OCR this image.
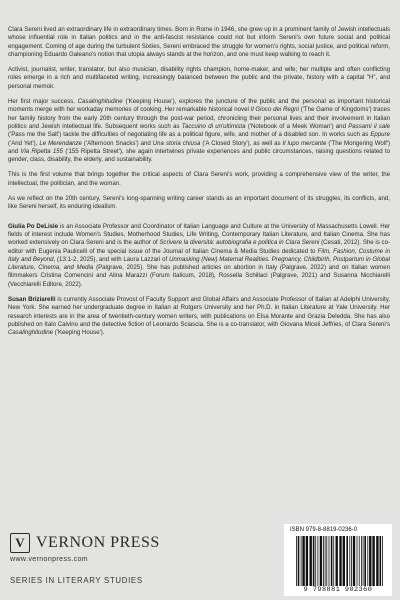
Clara Sereni lived an extraordinary life in extraordinary times. Born in Rome in 1946, she grew up in a prominent family of Jewish intellectuals whose influential role in Italian politics and in the anti-fascist resistance could not but inform Sereni's own future social and political engagement. Coming of age during the turbulent Sixties, Sereni embraced the struggle for women's rights, social justice, and political reform, championing Eduardo Galeano's notion that utopia always stands at the horizon, and one must keep walking to reach it.

Activist, journalist, writer, translator, but also musician, disability rights champion, home-maker, and wife; her multiple and often conflicting roles emerge in a rich and multifaceted writing, increasingly balanced between the public and the private, history with a capital "H", and personal memoir.

Her first major success, Casalinghitudine ('Keeping House'), explores the juncture of the public and the personal as important historical moments merge with her workaday memories of cooking. Her remarkable historical novel Il Gioco dei Regni ('The Game of Kingdoms') traces her family history from the early 20th century through the post-war period, chronicling their personal lives and their involvement in Italian politics and Jewish intellectual life. Subsequent works such as Taccuino di un'ultimista ('Notebook of a Meek Woman') and Passami il sale ('Pass me the Salt') tackle the difficulties of negotiating life as a political figure, wife, and mother of a disabled son. In works such as Eppure ('And Yet'), Le Merendanze ('Afternoon Snacks') and Una storia chiusa ('A Closed Story'), as well as Il lupo mercante ('The Mongering Wolf') and Via Ripetta 155 ('155 Ripetta Street'), she again intertwines private experiences and public circumstances, raising questions related to gender, class, disability, the elderly, and sustainability.

This is the first volume that brings together the critical aspects of Clara Sereni's work, providing a comprehensive view of the writer, the intellectual, the politician, and the woman.

As we reflect on the 20th century, Sereni's long-spanning writing career stands as an important document of its struggles, its conflicts, and, like Sereni herself, its enduring idealism.

Giulia Po DeLisle is an Associate Professor and Coordinator of Italian Language and Culture at the University of Massachusetts Lowell. Her fields of interest include Women's Studies, Motherhood Studies, Life Writing, Contemporary Italian Literature, and Italian Cinema. She has worked extensively on Clara Sereni and is the author of Scrivere la diversità: autobiografia e politica in Clara Sereni (Cesati, 2012). She is co-editor with Eugenia Paulicelli of the special issue of the Journal of Italian Cinema & Media Studies dedicated to Film, Fashion, Costume in Italy and Beyond, (13:1-2, 2025), and with Laura Lazzari of Unmasking (New) Maternal Realities. Pregnancy, Childbirth, Postpartum in Global Literature, Cinema, and Media (Palgrave, 2025). She has published articles on abortion in Italy (Palgrave, 2022) and on Italian women filmmakers Cristina Comencini and Alina Marazzi (Forum Italicum, 2018), Rossella Schillaci (Palgrave, 2021) and Susanna Nicchiarelli (Vecchiarelli Editore, 2022).

Susan Briziarelli is currently Associate Provost of Faculty Support and Global Affairs and Associate Professor of Italian at Adelphi University, New York. She earned her undergraduate degree in Italian at Rutgers University and her Ph.D. in Italian Literature at Yale University. Her research interests are in the area of twentieth-century women writers, with publications on Elsa Morante and Grazia Deledda. She has also published on Italo Calvino and the detective fiction of Leonardo Sciascia. She is a co-translator, with Giovana Miceli Jeffries, of Clara Sereni's Casalinghitudine ('Keeping House').

V VERNON PRESS
www.vernonpress.com
SERIES IN LITERARY STUDIES
ISBN 979-8-8819-0236-0
9 798881 902360
